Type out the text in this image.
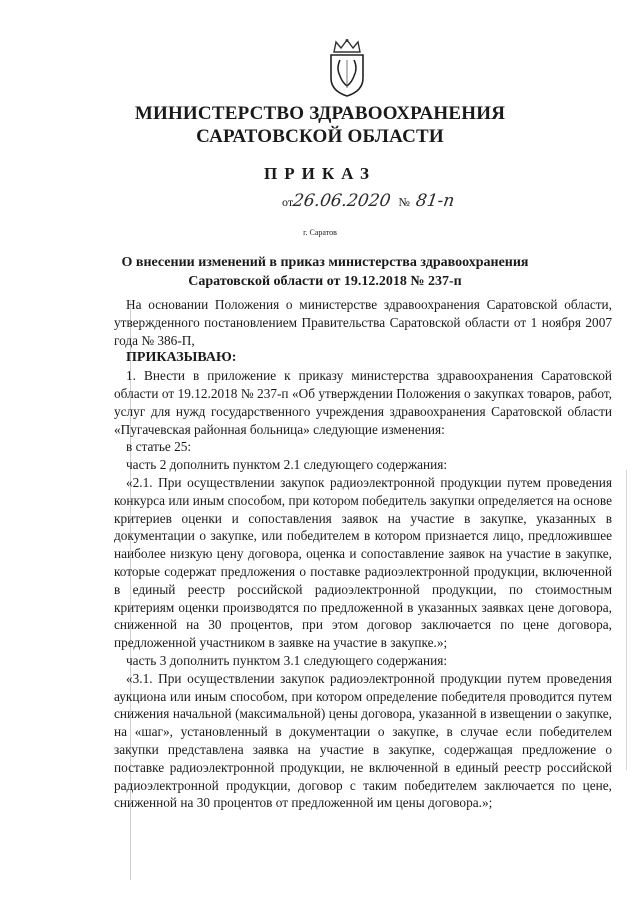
МИНИСТЕРСТВО ЗДРАВООХРАНЕНИЯ
САРАТОВСКОЙ ОБЛАСТИ
ПРИКАЗ
от26.06.2020 № 81-п
г. Саратов
О внесении изменений в приказ министерства здравоохранения
Саратовской области от 19.12.2018 № 237-п

На основании Положения о министерстве здравоохранения Саратовской области, утвержденного постановлением Правительства Саратовской области от 1 ноября 2007 года № 386-П,

ПРИКАЗЫВАЮ:

1. Внести в приложение к приказу министерства здравоохранения Саратовской области от 19.12.2018 № 237-п «Об утверждении Положения о закупках товаров, работ, услуг для нужд государственного учреждения здравоохранения Саратовской области «Пугачевская районная больница» следующие изменения:

в статье 25:

часть 2 дополнить пунктом 2.1 следующего содержания:

«2.1. При осуществлении закупок радиоэлектронной продукции путем проведения конкурса или иным способом, при котором победитель закупки определяется на основе критериев оценки и сопоставления заявок на участие в закупке, указанных в документации о закупке, или победителем в котором признается лицо, предложившее наиболее низкую цену договора, оценка и сопоставление заявок на участие в закупке, которые содержат предложения о поставке радиоэлектронной продукции, включенной в единый реестр российской радиоэлектронной продукции, по стоимостным критериям оценки производятся по предложенной в указанных заявках цене договора, сниженной на 30 процентов, при этом договор заключается по цене договора, предложенной участником в заявке на участие в закупке.»;

часть 3 дополнить пунктом 3.1 следующего содержания:

«3.1. При осуществлении закупок радиоэлектронной продукции путем проведения аукциона или иным способом, при котором определение победителя проводится путем снижения начальной (максимальной) цены договора, указанной в извещении о закупке, на «шаг», установленный в документации о закупке, в случае если победителем закупки представлена заявка на участие в закупке, содержащая предложение о поставке радиоэлектронной продукции, не включенной в единый реестр российской радиоэлектронной продукции, договор с таким победителем заключается по цене, сниженной на 30 процентов от предложенной им цены договора.»;
